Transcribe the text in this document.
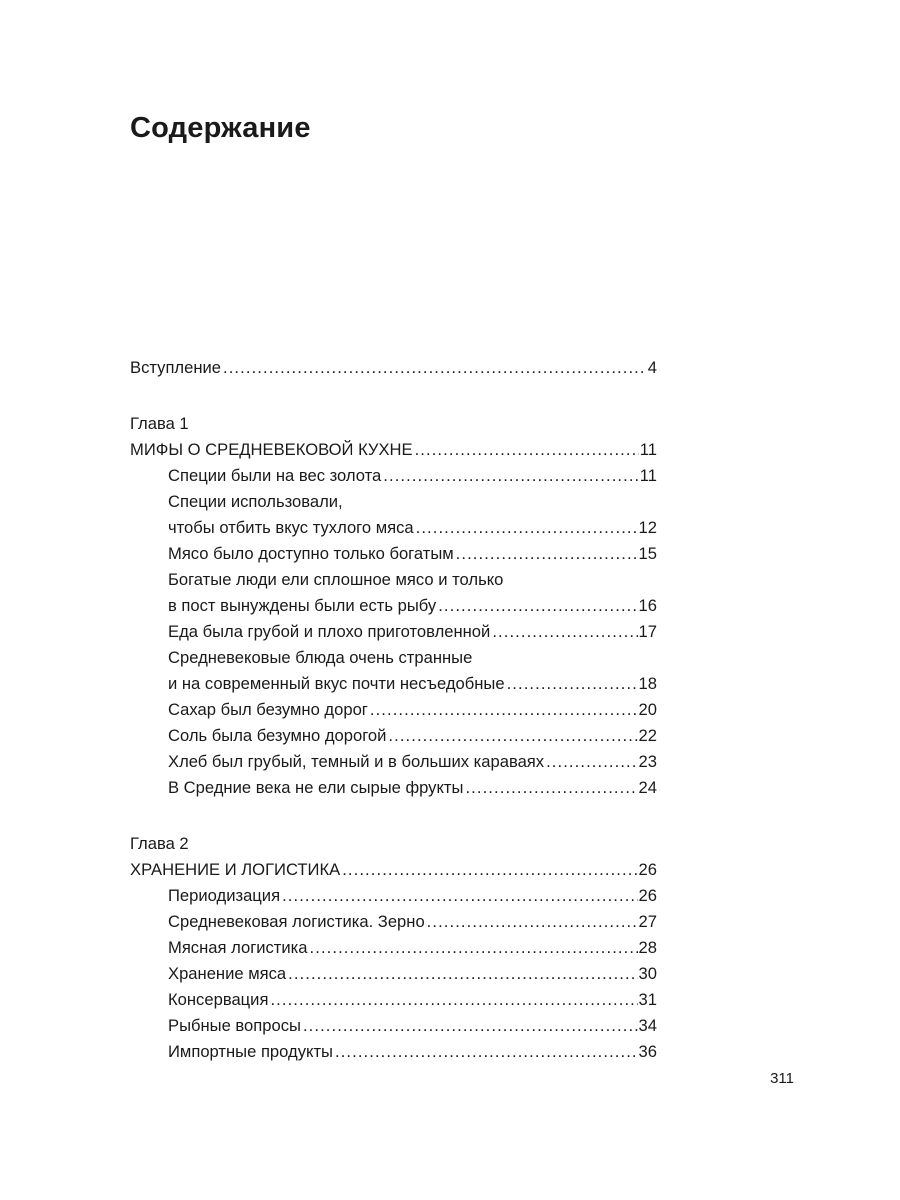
Содержание
Вступление .....	4
Глава 1
МИФЫ О СРЕДНЕВЕКОВОЙ КУХНЕ .....	11
Специи были на вес золота .....	11
Специи использовали,
чтобы отбить вкус тухлого мяса .....	12
Мясо было доступно только богатым .....	15
Богатые люди ели сплошное мясо и только
в пост вынуждены были есть рыбу .....	16
Еда была грубой и плохо приготовленной .....	17
Средневековые блюда очень странные
и на современный вкус почти несъедобные .....	18
Сахар был безумно дорог .....	20
Соль была безумно дорогой .....	22
Хлеб был грубый, темный и в больших караваях .....	23
В Средние века не ели сырые фрукты .....	24
Глава 2
ХРАНЕНИЕ И ЛОГИСТИКА .....	26
Периодизация .....	26
Средневековая логистика. Зерно .....	27
Мясная логистика .....	28
Хранение мяса .....	30
Консервация .....	31
Рыбные вопросы .....	34
Импортные продукты .....	36
311
